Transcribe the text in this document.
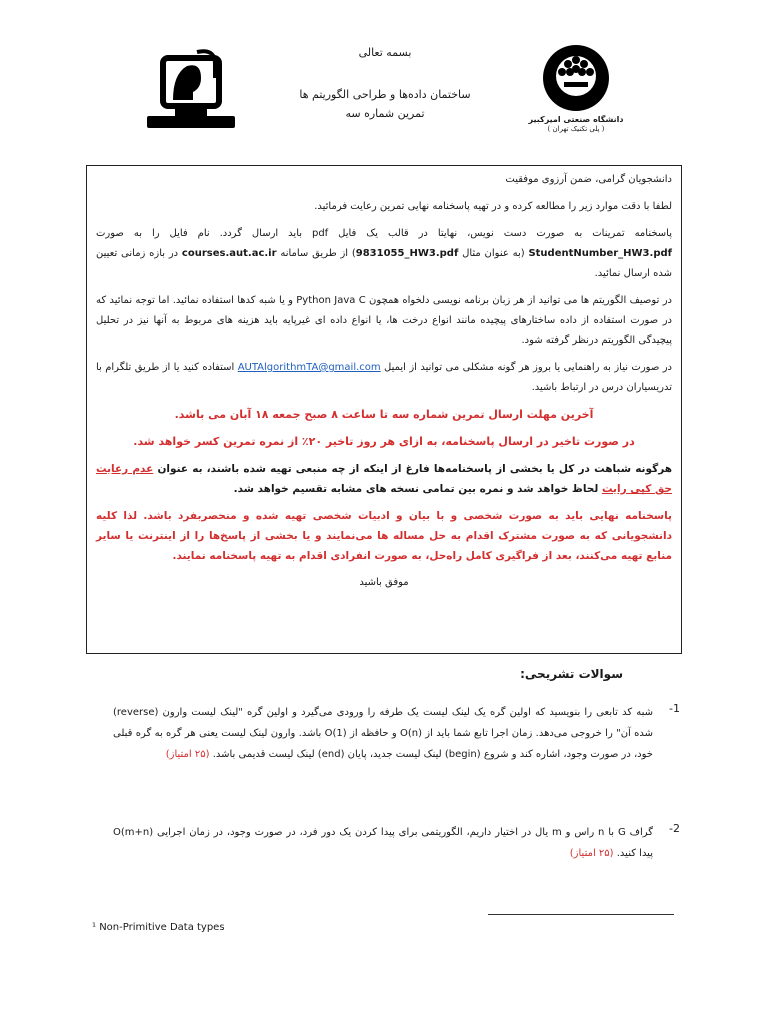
بسمه تعالی
ساختمان داده‌ها و طراحی الگوریتم ها
تمرین شماره سه	دانشگاه صنعتی امیرکبیر
( پلی تکنیک تهران )

دانشجویان گرامی، ضمن آرزوی موفقیت

لطفا با دقت موارد زیر را مطالعه کرده و در تهیه پاسخنامه نهایی تمرین رعایت فرمائید.

پاسخنامه تمرینات به صورت دست نویس، نهایتا در قالب یک فایل pdf باید ارسال گردد. نام فایل را به صورت StudentNumber_HW3.pdf (به عنوان مثال 9831055_HW3.pdf) از طریق سامانه courses.aut.ac.ir در بازه زمانی تعیین شده ارسال نمائید.

در توصیف الگوریتم ها می توانید از هر زبان برنامه نویسی دلخواه همچون Python Java C و یا شبه کدها استفاده نمائید. اما توجه نمائید که در صورت استفاده از داده ساختارهای پیچیده مانند انواع درخت ها، یا انواع داده ای غیرپایه باید هزینه های مربوط به آنها نیز در تحلیل پیچیدگی الگوریتم درنظر گرفته شود.

در صورت نیاز به راهنمایی یا بروز هر گونه مشکلی می توانید از ایمیل AUTAlgorithmTA@gmail.com استفاده کنید یا از طریق تلگرام با تدریسیاران درس در ارتباط باشید.

آخرین مهلت ارسال تمرین شماره سه تا ساعت ۸ صبح جمعه ۱۸ آبان می باشد.

در صورت تاخیر در ارسال پاسخنامه، به ازای هر روز تاخیر ۲۰٪ از نمره تمرین کسر خواهد شد.

هرگونه شباهت در کل یا بخشی از پاسخنامه‌ها فارغ از اینکه از چه منبعی تهیه شده باشند، به عنوان عدم رعایت حق کپی رایت لحاظ خواهد شد و نمره بین تمامی نسخه های مشابه تقسیم خواهد شد.

پاسخنامه نهایی باید به صورت شخصی و با بیان و ادبیات شخصی تهیه شده و منحصربفرد باشد. لذا کلیه دانشجویانی که به صورت مشترک اقدام به حل مساله ها می‌نمایند و یا بخشی از پاسخ‌ها را از اینترنت یا سایر منابع تهیه می‌کنند، بعد از فراگیری کامل راه‌حل، به صورت انفرادی اقدام به تهیه پاسخنامه نمایند.

موفق باشید

سوالات تشریحی:
-1
شبه کد تابعی را بنویسید که اولین گره یک لینک لیست یک طرفه را ورودی می‌گیرد و اولین گره "لینک لیست وارون (reverse) شده آن" را خروجی می‌دهد. زمان اجرا تابع شما باید از O(n) و حافظه از O(1) باشد. وارون لینک لیست یعنی هر گره به گره قبلی خود، در صورت وجود، اشاره کند و شروع (begin) لینک لیست جدید، پایان (end) لینک لیست قدیمی باشد. (۲۵ امتیاز)
-2
گراف G با n راس و m یال در اختیار داریم، الگوریتمی برای پیدا کردن یک دور فرد، در صورت وجود، در زمان اجرایی O(m+n) پیدا کنید. (۲۵ امتیاز)
¹ Non-Primitive Data types
